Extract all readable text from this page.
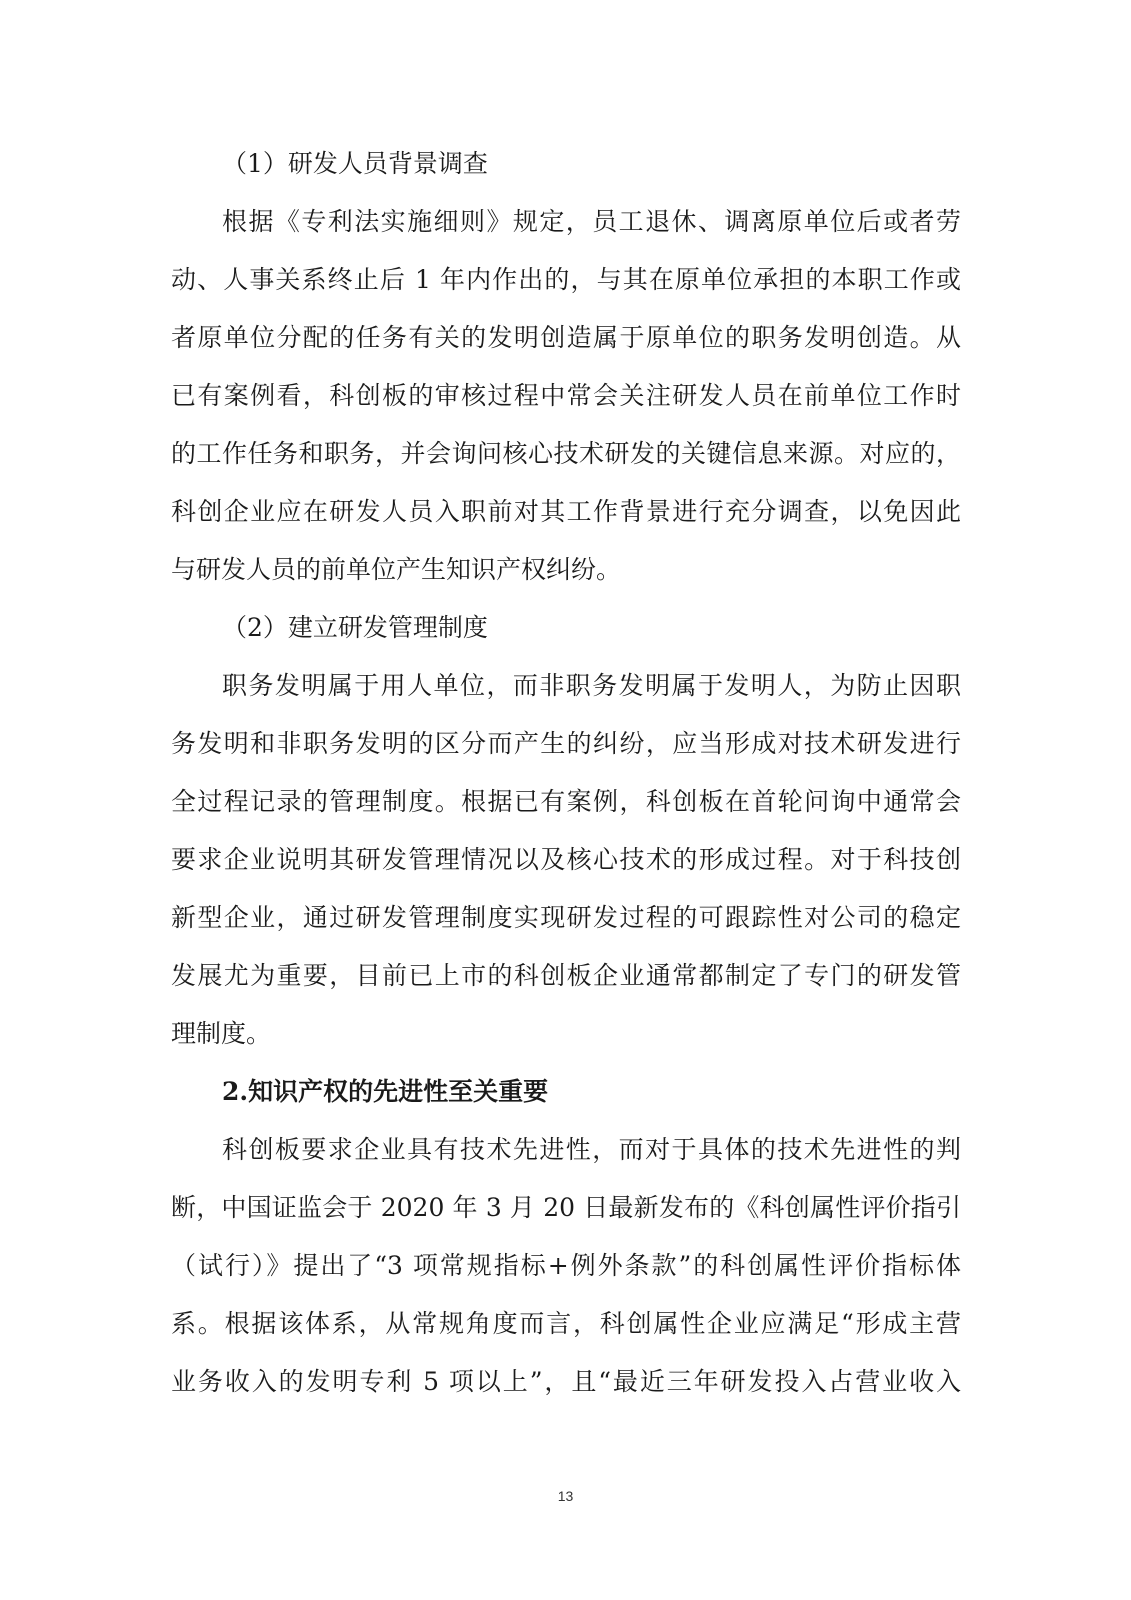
（1）研发人员背景调查
根据《专利法实施细则》规定，员工退休、调离原单位后或者劳
动、人事关系终止后 1 年内作出的，与其在原单位承担的本职工作或
者原单位分配的任务有关的发明创造属于原单位的职务发明创造。从
已有案例看，科创板的审核过程中常会关注研发人员在前单位工作时
的工作任务和职务，并会询问核心技术研发的关键信息来源。对应的，
科创企业应在研发人员入职前对其工作背景进行充分调查，以免因此
与研发人员的前单位产生知识产权纠纷。
（2）建立研发管理制度
职务发明属于用人单位，而非职务发明属于发明人，为防止因职
务发明和非职务发明的区分而产生的纠纷，应当形成对技术研发进行
全过程记录的管理制度。根据已有案例，科创板在首轮问询中通常会
要求企业说明其研发管理情况以及核心技术的形成过程。对于科技创
新型企业，通过研发管理制度实现研发过程的可跟踪性对公司的稳定
发展尤为重要，目前已上市的科创板企业通常都制定了专门的研发管
理制度。
2.知识产权的先进性至关重要
科创板要求企业具有技术先进性，而对于具体的技术先进性的判
断，中国证监会于 2020 年 3 月 20 日最新发布的《科创属性评价指引
（试行）》提出了“3 项常规指标+例外条款”的科创属性评价指标体
系。根据该体系，从常规角度而言，科创属性企业应满足“形成主营
业务收入的发明专利 5 项以上”，且“最近三年研发投入占营业收入
13
